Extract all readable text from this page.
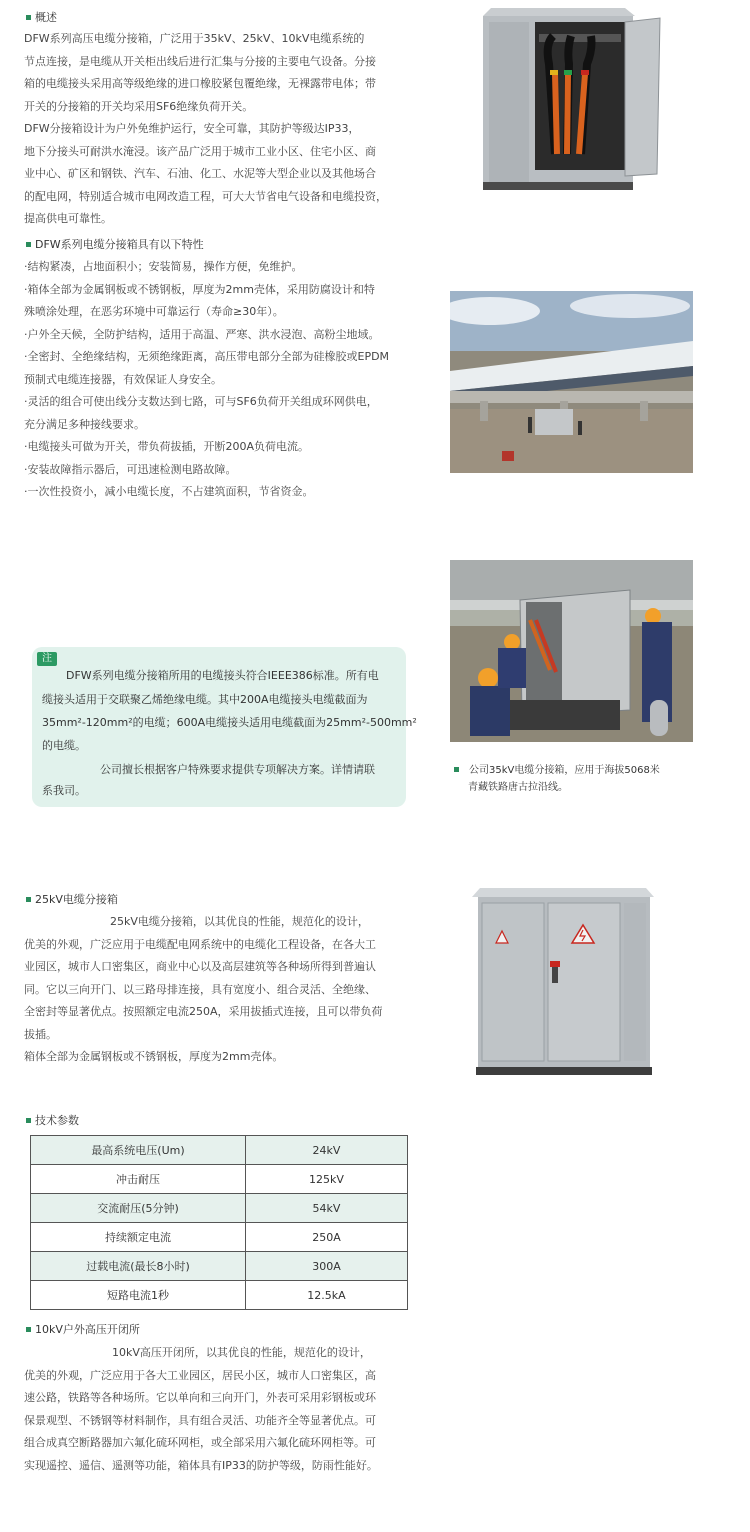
概述
DFW系列高压电缆分接箱，广泛用于35kV、25kV、10kV电缆系统的
节点连接，是电缆从开关柜出线后进行汇集与分接的主要电气设备。分接
箱的电缆接头采用高等级绝缘的进口橡胶紧包覆绝缘，无裸露带电体；带
开关的分接箱的开关均采用SF6绝缘负荷开关。
DFW分接箱设计为户外免维护运行，安全可靠，其防护等级达IP33，
地下分接头可耐洪水淹浸。该产品广泛用于城市工业小区、住宅小区、商
业中心、矿区和钢铁、汽车、石油、化工、水泥等大型企业以及其他场合
的配电网，特别适合城市电网改造工程，可大大节省电气设备和电缆投资，
提高供电可靠性。
DFW系列电缆分接箱具有以下特性
·结构紧凑，占地面积小；安装简易，操作方便，免维护。
·箱体全部为金属钢板或不锈钢板，厚度为2mm壳体，采用防腐设计和特
殊喷涂处理，在恶劣环境中可靠运行（寿命≥30年）。
·户外全天候，全防护结构，适用于高温、严寒、洪水浸泡、高粉尘地域。
·全密封、全绝缘结构，无须绝缘距离，高压带电部分全部为硅橡胶或EPDM
预制式电缆连接器，有效保证人身安全。
·灵活的组合可使出线分支数达到七路，可与SF6负荷开关组成环网供电，
充分满足多种接线要求。
·电缆接头可做为开关，带负荷拔插，开断200A负荷电流。
·安装故障指示器后，可迅速检测电路故障。
·一次性投资小，减小电缆长度，不占建筑面积，节省资金。
注
DFW系列电缆分接箱所用的电缆接头符合IEEE386标准。所有电
缆接头适用于交联聚乙烯绝缘电缆。其中200A电缆接头电缆截面为
35mm²-120mm²的电缆；600A电缆接头适用电缆截面为25mm²-500mm²
的电缆。
公司擅长根据客户特殊要求提供专项解决方案。详情请联
系我司。
公司35kV电缆分接箱，应用于海拔5068米
青藏铁路唐古拉沿线。
25kV电缆分接箱
25kV电缆分接箱，以其优良的性能，规范化的设计，
优美的外观，广泛应用于电缆配电网系统中的电缆化工程设备，在各大工
业园区，城市人口密集区，商业中心以及高层建筑等各种场所得到普遍认
同。它以三向开门、以三路母排连接，具有宽度小、组合灵活、全绝缘、
全密封等显著优点。按照额定电流250A，采用拔插式连接，且可以带负荷
拔插。
箱体全部为金属钢板或不锈钢板，厚度为2mm壳体。
技术参数
最高系统电压(Um)	24kV
冲击耐压	125kV
交流耐压(5分钟)	54kV
持续额定电流	250A
过载电流(最长8小时)	300A
短路电流1秒	12.5kA
10kV户外高压开闭所
10kV高压开闭所，以其优良的性能，规范化的设计，
优美的外观，广泛应用于各大工业园区，居民小区，城市人口密集区，高
速公路，铁路等各种场所。它以单向和三向开门，外表可采用彩钢板或环
保景观型、不锈钢等材料制作，具有组合灵活、功能齐全等显著优点。可
组合成真空断路器加六氟化硫环网柜，或全部采用六氟化硫环网柜等。可
实现遥控、遥信、遥测等功能，箱体具有IP33的防护等级，防雨性能好。
